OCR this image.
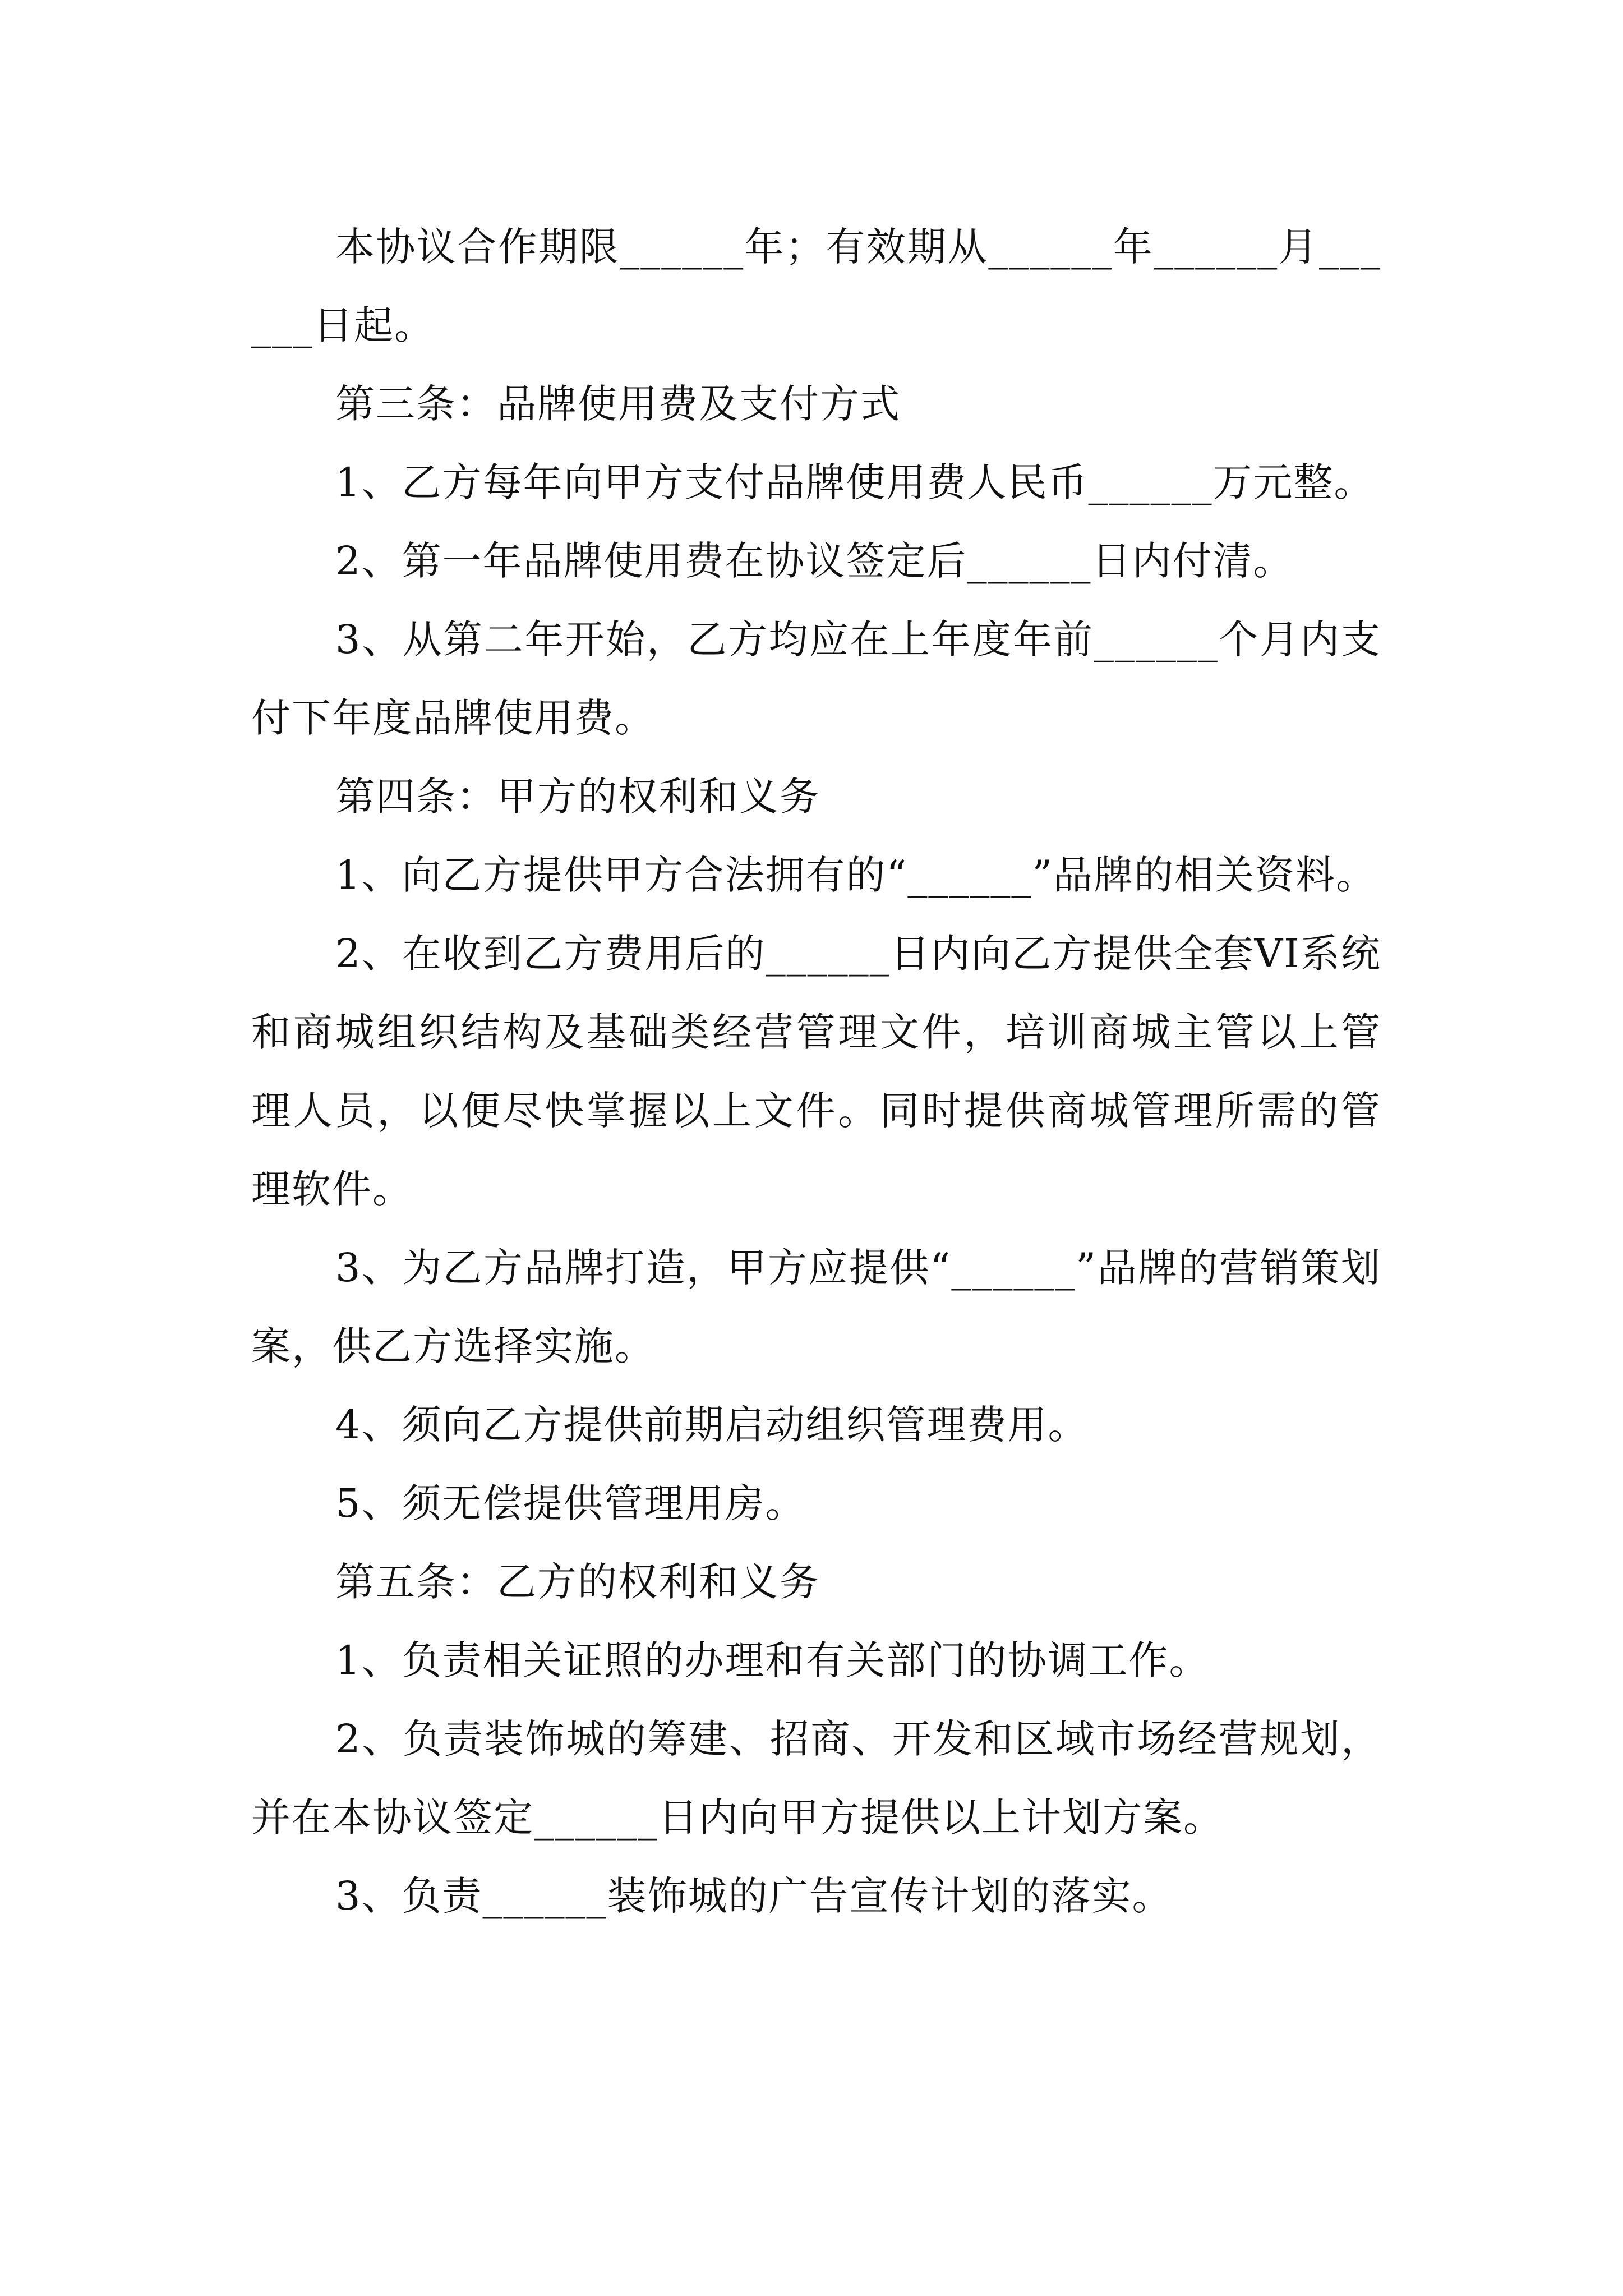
本协议合作期限______年；有效期从______年______月______日起。

第三条：品牌使用费及支付方式

1、乙方每年向甲方支付品牌使用费人民币______万元整。

2、第一年品牌使用费在协议签定后______日内付清。

3、从第二年开始，乙方均应在上年度年前______个月内支付下年度品牌使用费。

第四条：甲方的权利和义务

1、向乙方提供甲方合法拥有的“______”品牌的相关资料。

2、在收到乙方费用后的______日内向乙方提供全套VI系统和商城组织结构及基础类经营管理文件，培训商城主管以上管理人员，以便尽快掌握以上文件。同时提供商城管理所需的管理软件。

3、为乙方品牌打造，甲方应提供“______”品牌的营销策划案，供乙方选择实施。

4、须向乙方提供前期启动组织管理费用。

5、须无偿提供管理用房。

第五条：乙方的权利和义务

1、负责相关证照的办理和有关部门的协调工作。

2、负责装饰城的筹建、招商、开发和区域市场经营规划，并在本协议签定______日内向甲方提供以上计划方案。

3、负责______装饰城的广告宣传计划的落实。
